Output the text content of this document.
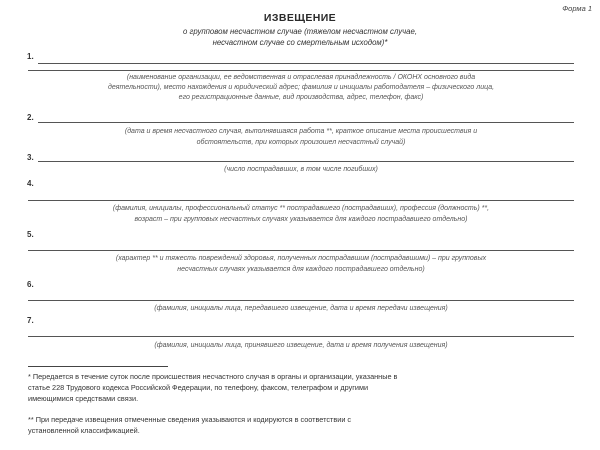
Форма 1
ИЗВЕЩЕНИЕ
о групповом несчастном случае (тяжелом несчастном случае,
несчастном случае со смертельным исходом)*
1.
(наименование организации, ее ведомственная и отраслевая принадлежность / ОКОНХ основного вида
деятельности), место нахождения и юридический адрес; фамилия и инициалы работодателя – физического лица,
его регистрационные данные, вид производства, адрес, телефон, факс)
2.
(дата и время несчастного случая, выполнявшаяся работа **, краткое описание места происшествия и
обстоятельств, при которых произошел несчастный случай)
3.
(число пострадавших, в том числе погибших)
4.
(фамилия, инициалы, профессиональный статус ** пострадавшего (пострадавших), профессия (должность) **,
возраст – при групповых несчастных случаях указывается для каждого пострадавшего отдельно)
5.
(характер ** и тяжесть повреждений здоровья, полученных пострадавшим (пострадавшими) – при групповых
несчастных случаях указывается для каждого пострадавшего отдельно)
6.
(фамилия, инициалы лица, передавшего извещение, дата и время передачи извещения)
7.
(фамилия, инициалы лица, принявшего извещение, дата и время получения извещения)
* Передается в течение суток после происшествия несчастного случая в органы и организации, указанные в
статье 228 Трудового кодекса Российской Федерации, по телефону, факсом, телеграфом и другими
имеющимися средствами связи.
** При передаче извещения отмеченные сведения указываются и кодируются в соответствии с
установленной классификацией.
